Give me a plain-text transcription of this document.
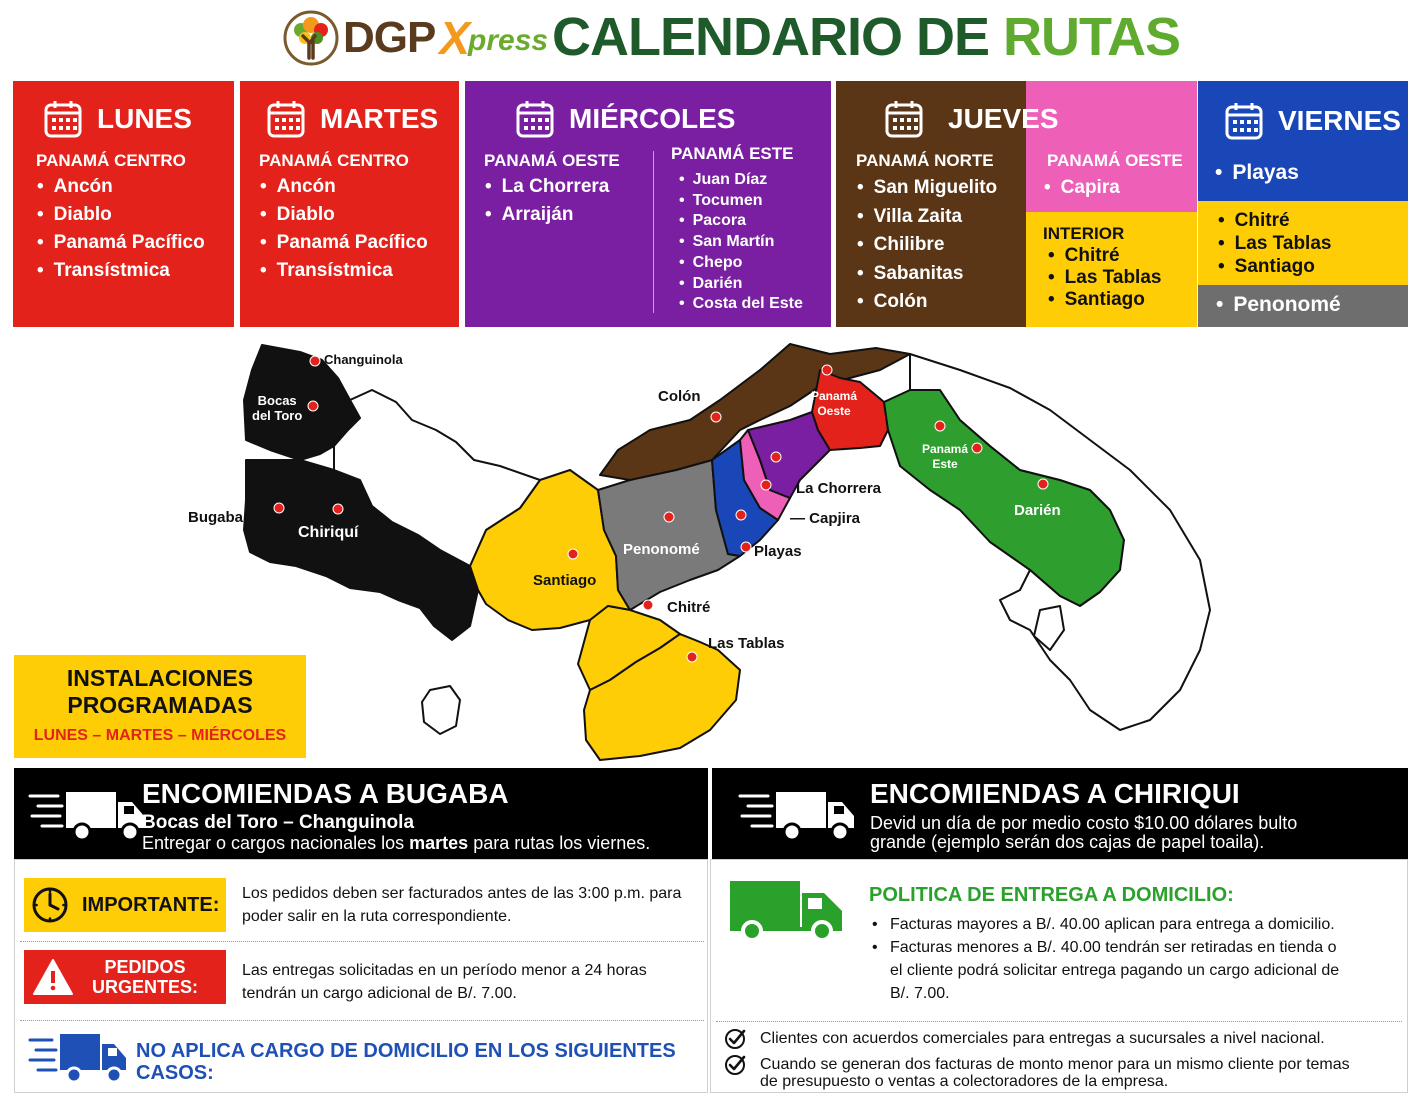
DGP X
press CALENDARIO DE RUTAS
LUNES
PANAMÁ CENTRO
• Ancón
• Diablo
• Panamá Pacífico
• Transístmica
MARTES
PANAMÁ CENTRO
• Ancón
• Diablo
• Panamá Pacífico
• Transístmica
MIÉRCOLES
PANAMÁ OESTE
• La Chorrera
• Arraiján
PANAMÁ ESTE
• Juan Díaz
• Tocumen
• Pacora
• San Martín
• Chepo
• Darién
• Costa del Este
JUEVES
PANAMÁ NORTE
• San Miguelito
• Villa Zaita
• Chilibre
• Sabanitas
• Colón
PANAMÁ OESTE
• Capira
INTERIOR
• Chitré
• Las Tablas
• Santiago
VIERNES
• Playas
• Chitré
• Las Tablas
• Santiago
• Penonomé
Changuinola
Bocas
del Toro
Bugaba
Chiriquí
Colón	Panamá
Oeste
Panamá
Este
La Chorrera
— Capjira
Playas
Penonomé
Santiago
Chitré
Las Tablas
Darién
INSTALACIONES
PROGRAMADAS
LUNES – MARTES – MIÉRCOLES
ENCOMIENDAS A BUGABA
Bocas del Toro – Changuinola
Entregar o cargos nacionales los martes para rutas los viernes.
ENCOMIENDAS A CHIRIQUI
Devid un día de por medio costo $10.00 dólares bulto grande (ejemplo serán dos cajas de papel toaila).
IMPORTANTE: Los pedidos deben ser facturados antes de las 3:00 p.m. para poder salir en la ruta correspondiente.
PEDIDOS
URGENTES:
Las entregas solicitadas en un período menor a 24 horas tendrán un cargo adicional de B/. 7.00.
NO APLICA CARGO DE DOMICILIO EN LOS SIGUIENTES CASOS:
POLITICA DE ENTREGA A DOMICILIO:
• Facturas mayores a B/. 40.00 aplican para entrega a domicilio.
• Facturas menores a B/. 40.00 tendrán ser retiradas en tienda o el cliente podrá solicitar entrega pagando un cargo adicional de B/. 7.00.
Clientes con acuerdos comerciales para entregas a sucursales a nivel nacional.
Cuando se generan dos facturas de monto menor para un mismo cliente por temas de presupuesto o ventas a colectoradores de la empresa.
